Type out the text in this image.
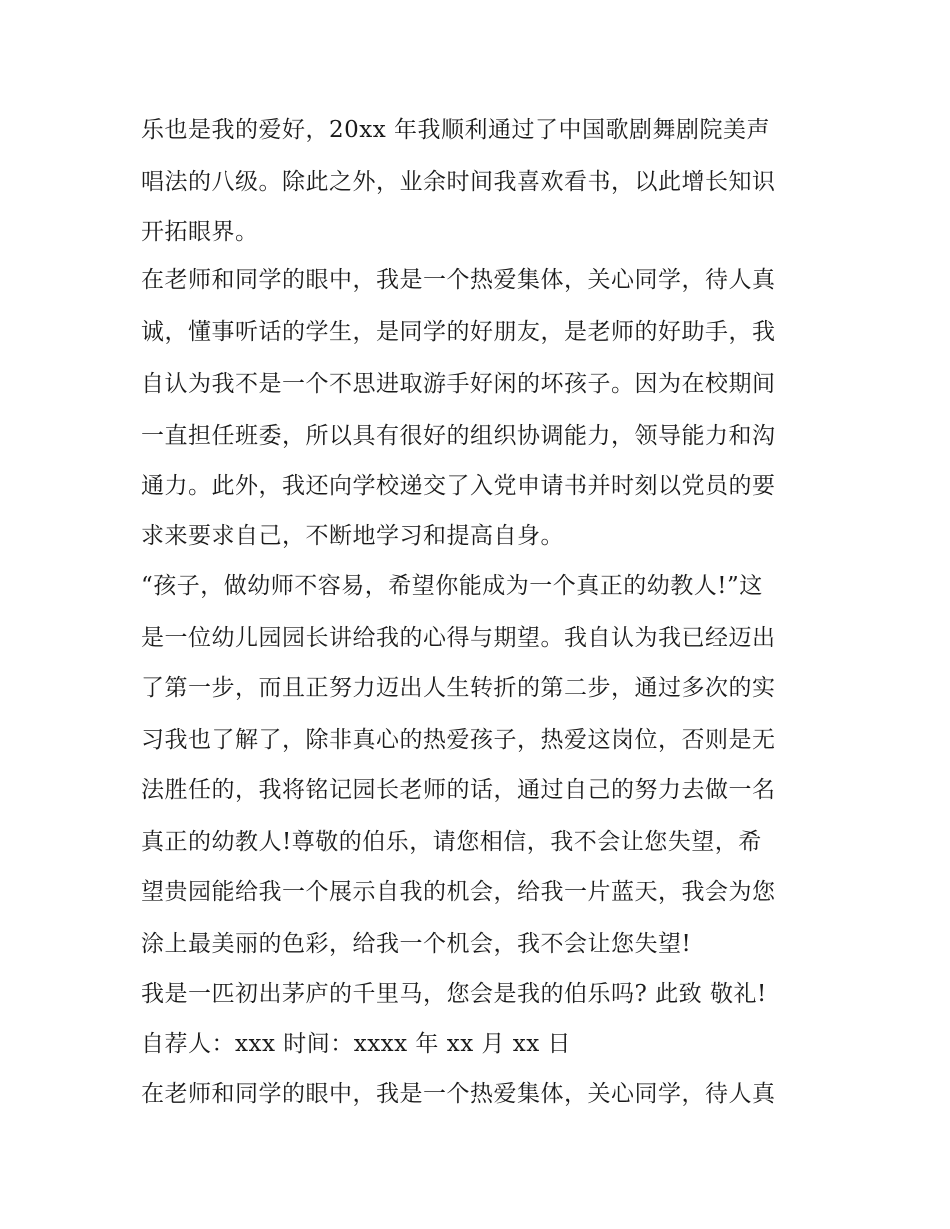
乐也是我的爱好，20xx 年我顺利通过了中国歌剧舞剧院美声
唱法的八级。除此之外，业余时间我喜欢看书，以此增长知识
开拓眼界。
在老师和同学的眼中，我是一个热爱集体，关心同学，待人真
诚，懂事听话的学生，是同学的好朋友，是老师的好助手，我
自认为我不是一个不思进取游手好闲的坏孩子。因为在校期间
一直担任班委，所以具有很好的组织协调能力，领导能力和沟
通力。此外，我还向学校递交了入党申请书并时刻以党员的要
求来要求自己，不断地学习和提高自身。
“孩子，做幼师不容易，希望你能成为一个真正的幼教人!”这
是一位幼儿园园长讲给我的心得与期望。我自认为我已经迈出
了第一步，而且正努力迈出人生转折的第二步，通过多次的实
习我也了解了，除非真心的热爱孩子，热爱这岗位，否则是无
法胜任的，我将铭记园长老师的话，通过自己的努力去做一名
真正的幼教人!尊敬的伯乐，请您相信，我不会让您失望，希
望贵园能给我一个展示自我的机会，给我一片蓝天，我会为您
涂上最美丽的色彩，给我一个机会，我不会让您失望!
我是一匹初出茅庐的千里马，您会是我的伯乐吗? 此致 敬礼!
自荐人：xxx 时间：xxxx 年 xx 月 xx 日
在老师和同学的眼中，我是一个热爱集体，关心同学，待人真
